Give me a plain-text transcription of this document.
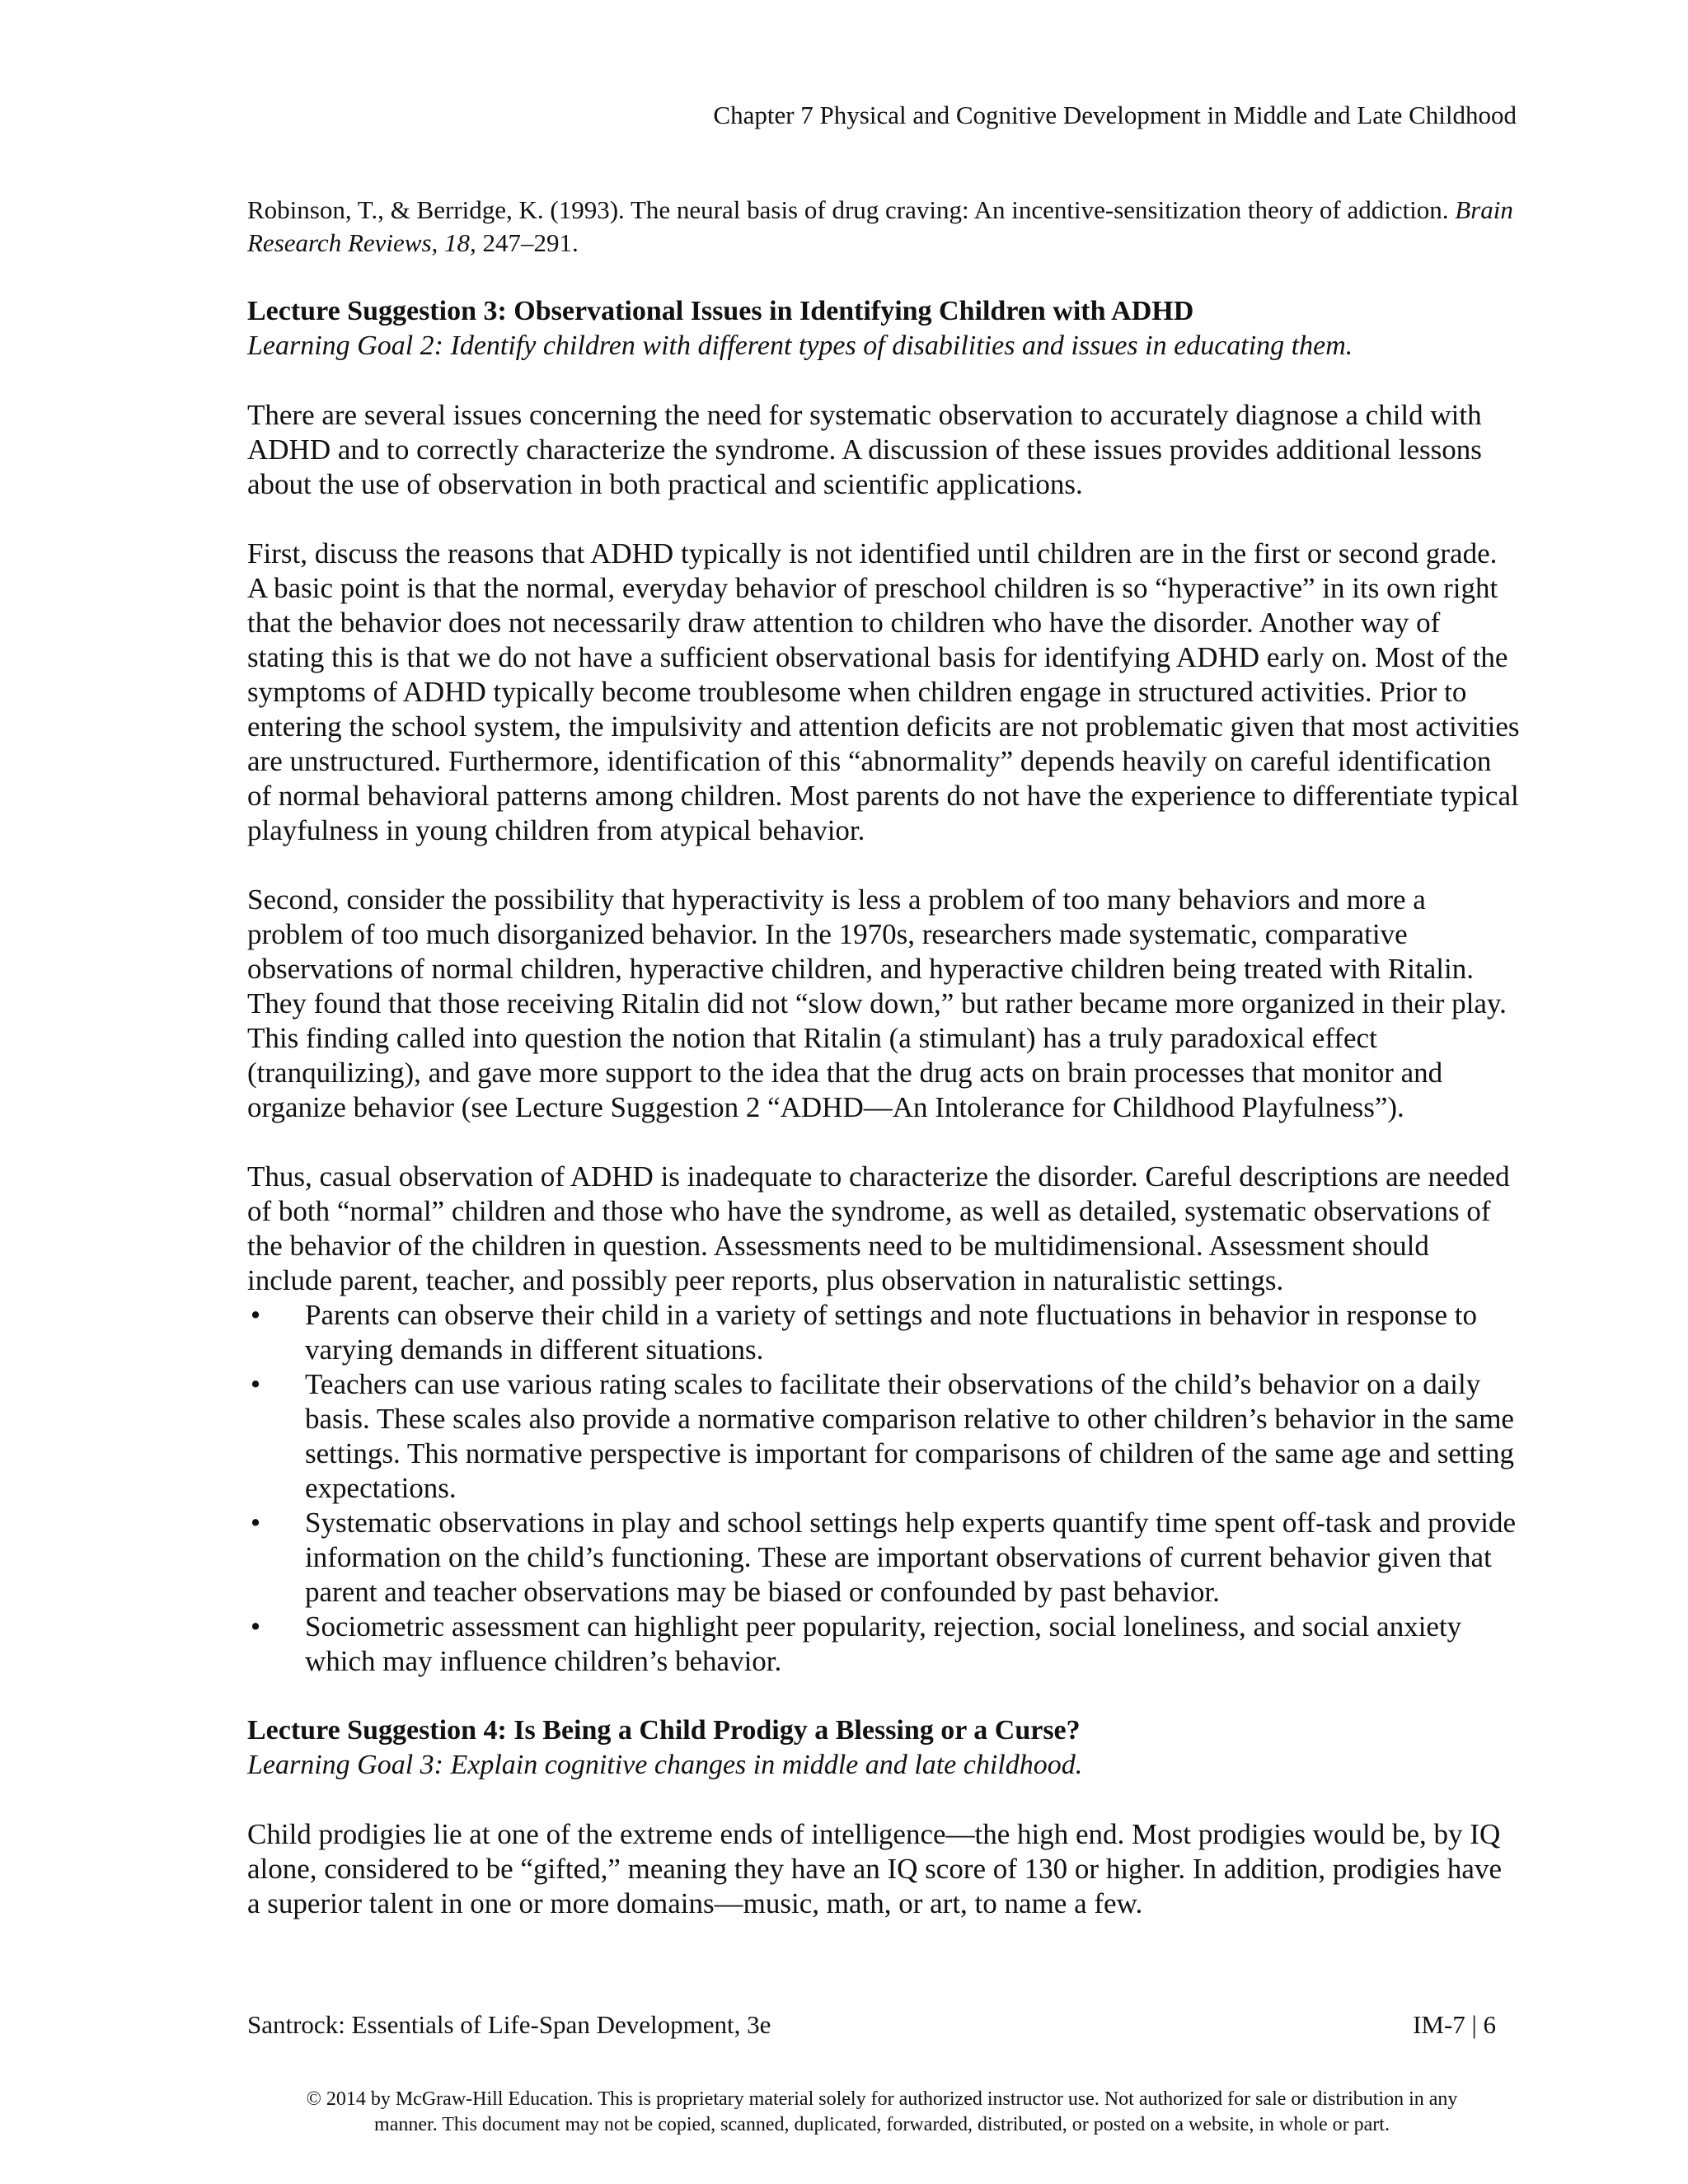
Chapter 7 Physical and Cognitive Development in Middle and Late Childhood

Robinson, T., & Berridge, K. (1993). The neural basis of drug craving: An incentive-sensitization theory of addiction. Brain Research Reviews, 18, 247–291.

Lecture Suggestion 3: Observational Issues in Identifying Children with ADHD

Learning Goal 2: Identify children with different types of disabilities and issues in educating them.

There are several issues concerning the need for systematic observation to accurately diagnose a child with ADHD and to correctly characterize the syndrome. A discussion of these issues provides additional lessons about the use of observation in both practical and scientific applications.

First, discuss the reasons that ADHD typically is not identified until children are in the first or second grade. A basic point is that the normal, everyday behavior of preschool children is so “hyperactive” in its own right that the behavior does not necessarily draw attention to children who have the disorder. Another way of stating this is that we do not have a sufficient observational basis for identifying ADHD early on. Most of the symptoms of ADHD typically become troublesome when children engage in structured activities. Prior to entering the school system, the impulsivity and attention deficits are not problematic given that most activities are unstructured. Furthermore, identification of this “abnormality” depends heavily on careful identification of normal behavioral patterns among children. Most parents do not have the experience to differentiate typical playfulness in young children from atypical behavior.

Second, consider the possibility that hyperactivity is less a problem of too many behaviors and more a problem of too much disorganized behavior. In the 1970s, researchers made systematic, comparative observations of normal children, hyperactive children, and hyperactive children being treated with Ritalin. They found that those receiving Ritalin did not “slow down,” but rather became more organized in their play. This finding called into question the notion that Ritalin (a stimulant) has a truly paradoxical effect (tranquilizing), and gave more support to the idea that the drug acts on brain processes that monitor and organize behavior (see Lecture Suggestion 2 “ADHD—An Intolerance for Childhood Playfulness”).

Thus, casual observation of ADHD is inadequate to characterize the disorder. Careful descriptions are needed of both “normal” children and those who have the syndrome, as well as detailed, systematic observations of the behavior of the children in question. Assessments need to be multidimensional. Assessment should include parent, teacher, and possibly peer reports, plus observation in naturalistic settings.

• Parents can observe their child in a variety of settings and note fluctuations in behavior in response to varying demands in different situations.
• Teachers can use various rating scales to facilitate their observations of the child’s behavior on a daily basis. These scales also provide a normative comparison relative to other children’s behavior in the same settings. This normative perspective is important for comparisons of children of the same age and setting expectations.
• Systematic observations in play and school settings help experts quantify time spent off-task and provide information on the child’s functioning. These are important observations of current behavior given that parent and teacher observations may be biased or confounded by past behavior.
• Sociometric assessment can highlight peer popularity, rejection, social loneliness, and social anxiety which may influence children’s behavior.

Lecture Suggestion 4: Is Being a Child Prodigy a Blessing or a Curse?

Learning Goal 3: Explain cognitive changes in middle and late childhood.

Child prodigies lie at one of the extreme ends of intelligence—the high end. Most prodigies would be, by IQ alone, considered to be “gifted,” meaning they have an IQ score of 130 or higher. In addition, prodigies have a superior talent in one or more domains—music, math, or art, to name a few.

Santrock: Essentials of Life-Span Development, 3e	IM-7 | 6
© 2014 by McGraw-Hill Education. This is proprietary material solely for authorized instructor use. Not authorized for sale or distribution in any
manner. This document may not be copied, scanned, duplicated, forwarded, distributed, or posted on a website, in whole or part.
